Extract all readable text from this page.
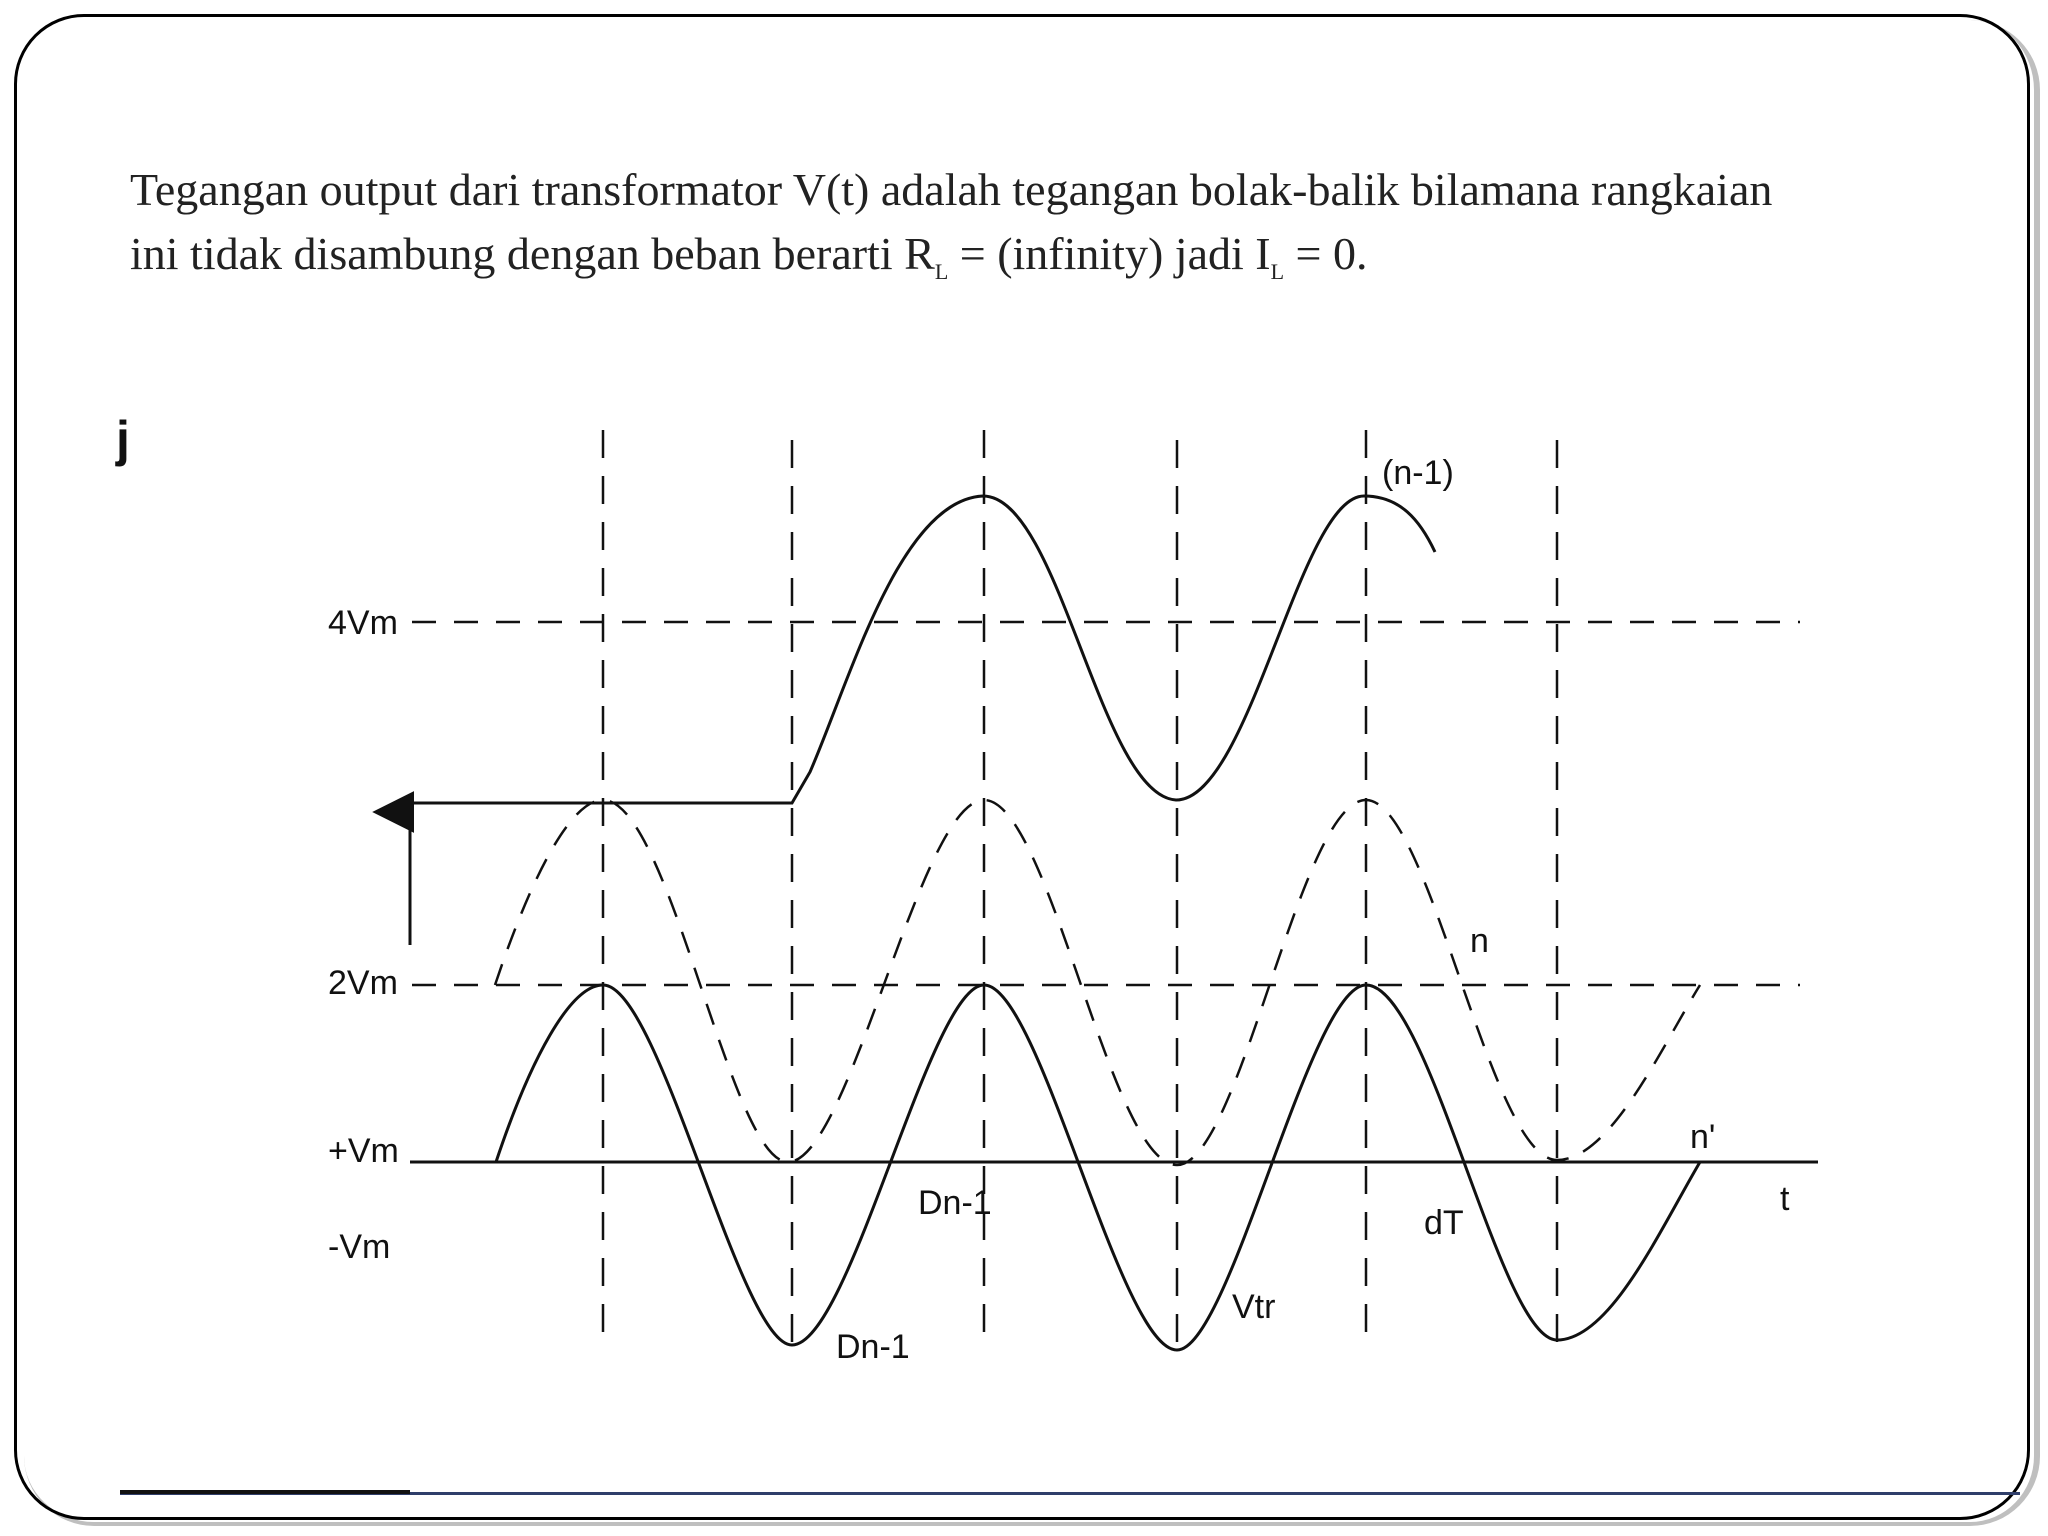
Tegangan output dari transformator V(t) adalah tegangan bolak-balik bilamana rangkaian
ini tidak disambung dengan beban berarti $R_L$ = (infinity) jadi $I_L = 0$.

j
4Vm
2Vm
+Vm
-Vm
(n-1)
n
n'
Dn-1
Dn-1
Vtr
dT
t
